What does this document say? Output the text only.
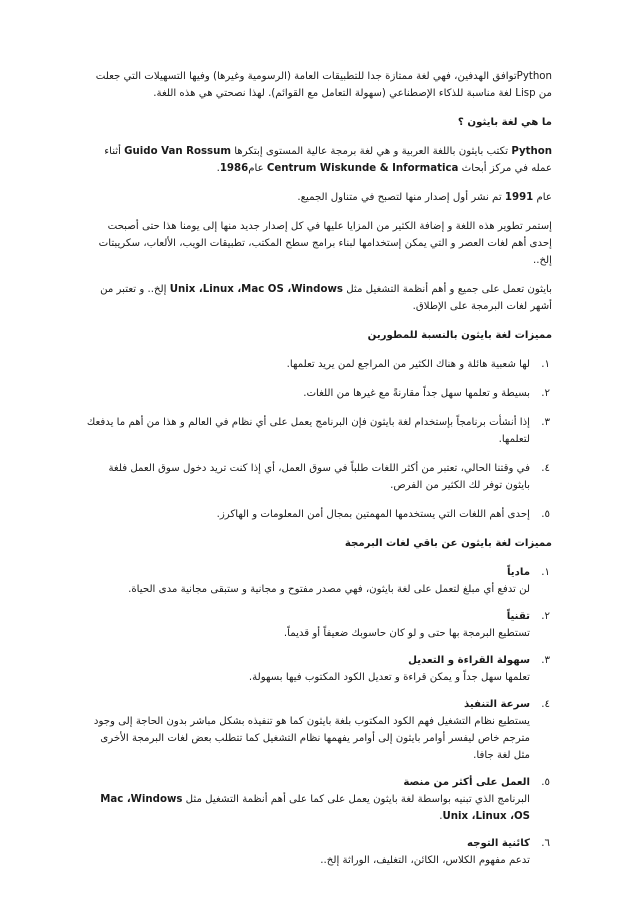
Pythonتوافق الهدفين، فهي لغة ممتازة جدا للتطبيقات العامة (الرسومية وغيرها) وفيها التسهيلات التي جعلت من Lisp لغة مناسبة للذكاء الإصطناعي (سهولة التعامل مع القوائم). لهذا نصحتي هي هذه اللغة.

ما هي لغة بايثون ؟

Python تكتب بايثون باللغة العربية و هي لغة برمجة عالية المستوى إبتكرها Guido Van Rossum أثناء عمله في مركز أبحاث Centrum Wiskunde & Informatica عام1986.

عام 1991 تم نشر أول إصدار منها لتصبح في متناول الجميع.

إستمر تطوير هذه اللغة و إضافة الكثير من المزايا عليها في كل إصدار جديد منها إلى يومنا هذا حتى أصبحت إحدى أهم لغات العصر و التي يمكن إستخدامها لبناء برامج سطح المكتب، تطبيقات الويب، الألعاب، سكريبتات إلخ..

بايثون تعمل على جميع و أهم أنظمة التشغيل مثل Unix ،Linux ،Mac OS ،Windows إلخ.. و تعتبر من أشهر لغات البرمجة على الإطلاق.

مميزات لغة بايثون بالنسبة للمطورين

١.
لها شعبية هائلة و هناك الكثير من المراجع لمن يريد تعلمها.
٢.
بسيطة و تعلمها سهل جداً مقارنةً مع غيرها من اللغات.
٣.
إذا أنشأت برنامجاً بإستخدام لغة بايثون فإن البرنامج يعمل على أي نظام في العالم و هذا من أهم ما يدفعك لتعلمها.
٤.
في وقتنا الحالي، تعتبر من أكثر اللغات طلباً في سوق العمل، أي إذا كنت تريد دخول سوق العمل فلغة بايثون توفر لك الكثير من الفرص.
٥.
إحدى أهم اللغات التي يستخدمها المهمتين بمجال أمن المعلومات و الهاكرز.

مميزات لغة بايثون عن باقي لغات البرمجة

١.
مادياً
لن تدفع أي مبلغ لتعمل على لغة بايثون، فهي مصدر مفتوح و مجانية و ستبقى مجانية مدى الحياة.
٢.
تقنياً
تستطيع البرمجة بها حتى و لو كان حاسوبك ضعيفاً أو قديماً.
٣.
سهولة القراءة و التعديل
تعلمها سهل جداً و يمكن قراءة و تعديل الكود المكتوب فيها بسهولة.
٤.
سرعة التنفيذ
يستطيع نظام التشغيل فهم الكود المكتوب بلغة بايثون كما هو تنفيذه بشكل مباشر بدون الحاجة إلى وجود مترجم خاص ليفسر أوامر بايثون إلى أوامر يفهمها نظام التشغيل كما تتطلب بعض لغات البرمجة الأخرى مثل لغة جافا.
٥.
العمل على أكثر من منصة
البرنامج الذي تبنيه بواسطة لغة بايثون يعمل على كما على أهم أنظمة التشغيل مثل Mac ،Windows
Unix ،Linux ،OS.
٦.
كائنية التوجه
تدعم مفهوم الكلاس، الكائن، التغليف، الوراثة إلخ..
